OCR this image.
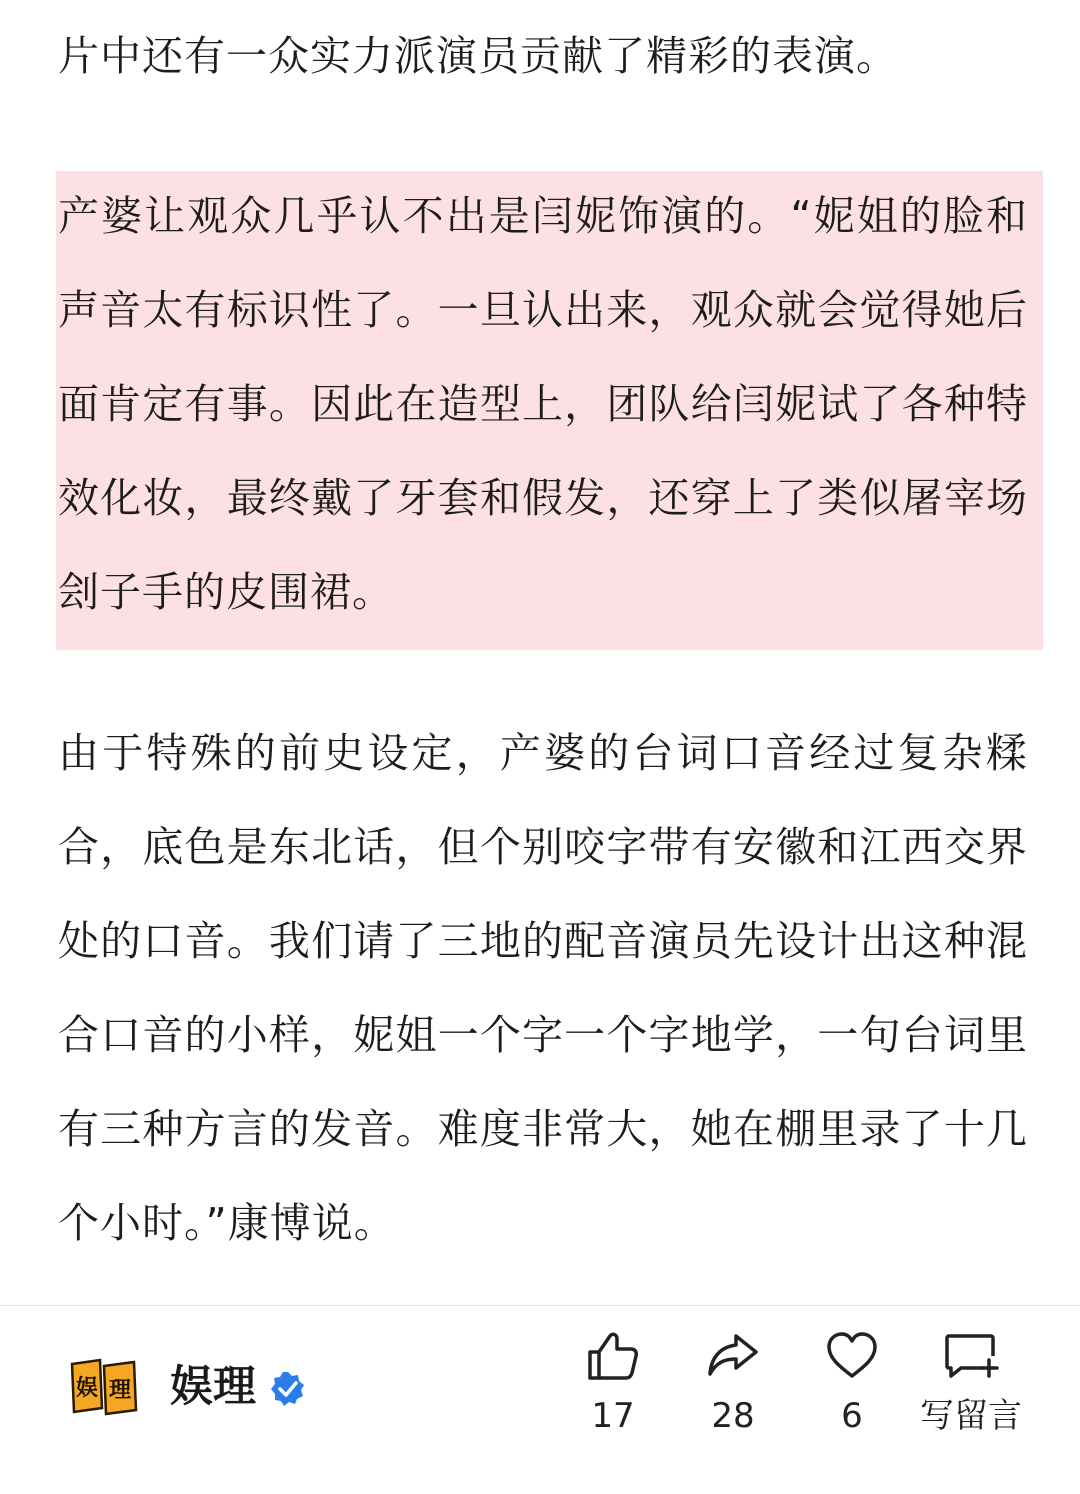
片中还有一众实力派演员贡献了精彩的表演。

产婆让观众几乎认不出是闫妮饰演的。“妮姐的脸和声音太有标识性了。一旦认出来，观众就会觉得她后面肯定有事。因此在造型上，团队给闫妮试了各种特效化妆，最终戴了牙套和假发，还穿上了类似屠宰场刽子手的皮围裙。

由于特殊的前史设定，产婆的台词口音经过复杂糅合，底色是东北话，但个别咬字带有安徽和江西交界处的口音。我们请了三地的配音演员先设计出这种混合口音的小样，妮姐一个字一个字地学，一句台词里有三种方言的发音。难度非常大，她在棚里录了十几个小时。”康博说。

娱 理 娱理
17	28	6	写留言
